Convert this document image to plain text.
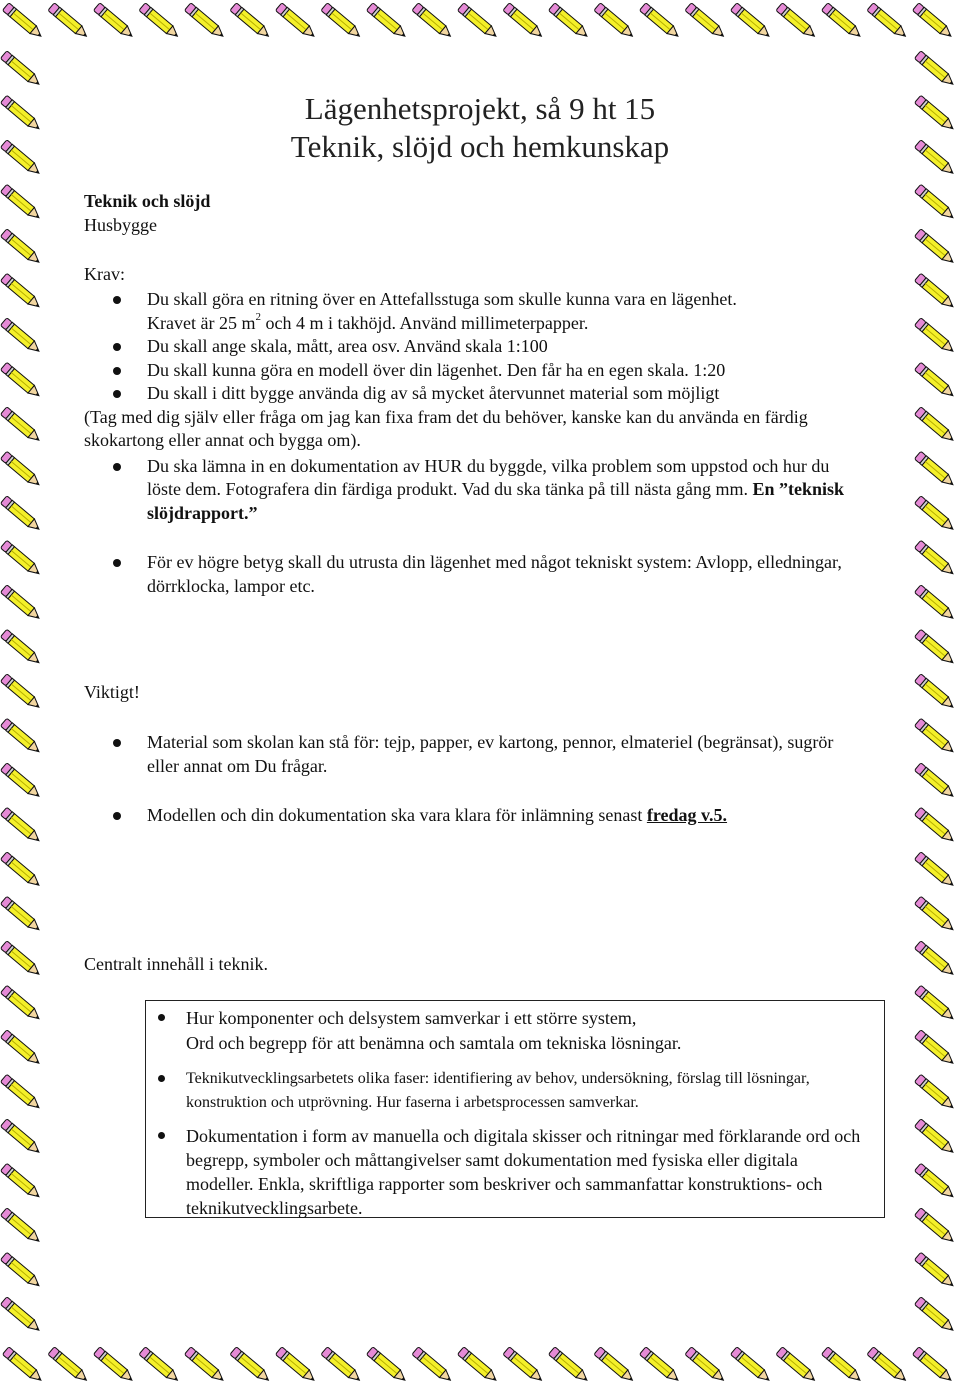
Lägenhetsprojekt, så 9 ht 15
Teknik, slöjd och hemkunskap
Teknik och slöjd
Husbygge
Krav:
Du skall göra en ritning över en Attefallsstuga som skulle kunna vara en lägenhet.
Kravet är 25 $m^2$ och 4 m i takhöjd. Använd millimeterpapper.
Du skall ange skala, mått, area osv. Använd skala 1:100
Du skall kunna göra en modell över din lägenhet. Den får ha en egen skala. 1:20
Du skall i ditt bygge använda dig av så mycket återvunnet material som möjligt
(Tag med dig själv eller fråga om jag kan fixa fram det du behöver, kanske kan du använda en färdig skokartong eller annat och bygga om).
Du ska lämna in en dokumentation av HUR du byggde, vilka problem som uppstod och hur du löste dem. Fotografera din färdiga produkt. Vad du ska tänka på till nästa gång mm. En ”teknisk slöjdrapport.”
För ev högre betyg skall du utrusta din lägenhet med något tekniskt system: Avlopp, elledningar, dörrklocka, lampor etc.
Viktigt!
Material som skolan kan stå för: tejp, papper, ev kartong, pennor, elmateriel (begränsat), sugrör eller annat om Du frågar.
Modellen och din dokumentation ska vara klara för inlämning senast fredag v.5.
Centralt innehåll i teknik.
Hur komponenter och delsystem samverkar i ett större system,
Ord och begrepp för att benämna och samtala om tekniska lösningar.
Teknikutvecklingsarbetets olika faser: identifiering av behov, undersökning, förslag till lösningar, konstruktion och utprövning. Hur faserna i arbetsprocessen samverkar.
Dokumentation i form av manuella och digitala skisser och ritningar med förklarande ord och begrepp, symboler och måttangivelser samt dokumentation med fysiska eller digitala modeller. Enkla, skriftliga rapporter som beskriver och sammanfattar konstruktions- och teknikutvecklingsarbete.
